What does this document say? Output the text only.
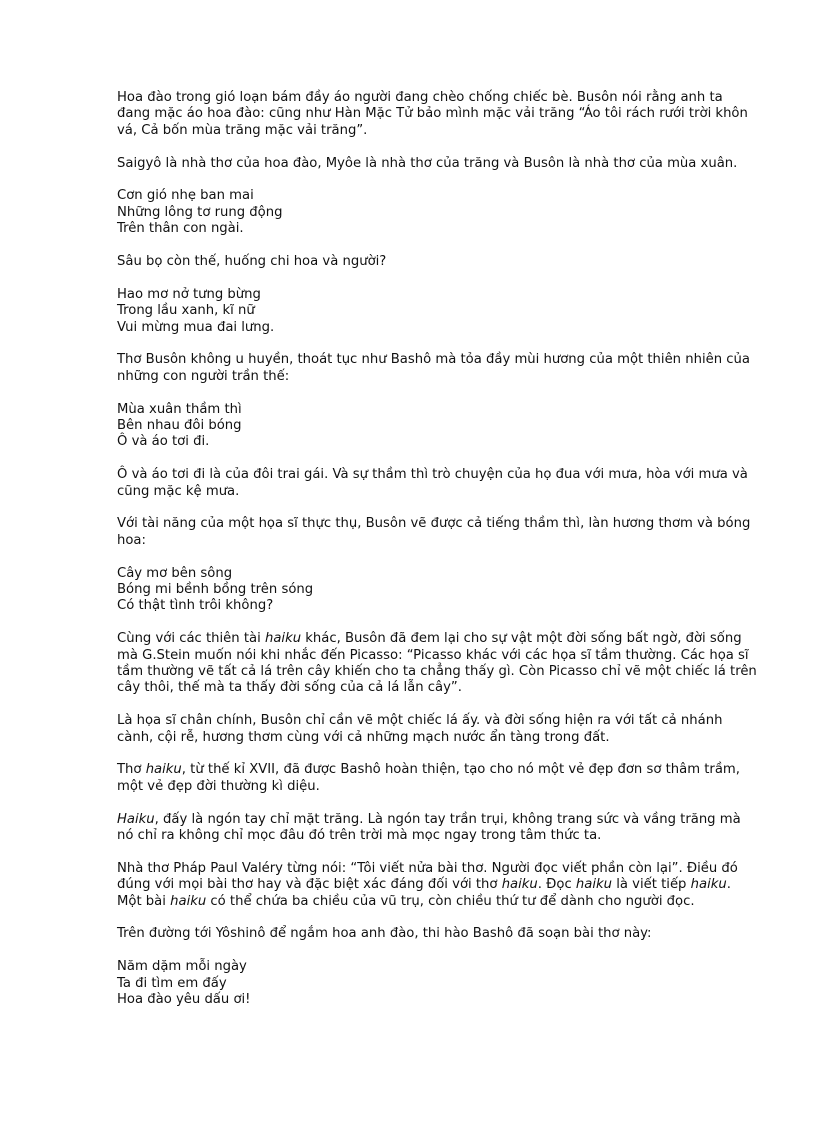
Hoa đào trong gió loạn bám đầy áo người đang chèo chống chiếc bè. Busôn nói rằng anh ta đang mặc áo hoa đào: cũng như Hàn Mặc Tử bảo mình mặc vải trăng “Áo tôi rách rưới trời khôn vá, Cả bốn mùa trăng mặc vải trăng”.

Saigyô là nhà thơ của hoa đào, Myôe là nhà thơ của trăng và Busôn là nhà thơ của mùa xuân.

Cơn gió nhẹ ban mai
Những lông tơ rung động
Trên thân con ngài.

Sâu bọ còn thế, huống chi hoa và người?

Hao mơ nở tưng bừng
Trong lầu xanh, kĩ nữ
Vui mừng mua đai lưng.

Thơ Busôn không u huyền, thoát tục như Bashô mà tỏa đầy mùi hương của một thiên nhiên của những con người trần thế:

Mùa xuân thầm thì
Bên nhau đôi bóng
Ô và áo tơi đi.

Ô và áo tơi đi là của đôi trai gái. Và sự thầm thì trò chuyện của họ đua với mưa, hòa với mưa và cũng mặc kệ mưa.

Với tài năng của một họa sĩ thực thụ, Busôn vẽ được cả tiếng thầm thì, làn hương thơm và bóng hoa:

Cây mơ bên sông
Bóng mi bềnh bồng trên sóng
Có thật tình trôi không?

Cùng với các thiên tài haiku khác, Busôn đã đem lại cho sự vật một đời sống bất ngờ, đời sống mà G.Stein muốn nói khi nhắc đến Picasso: “Picasso khác với các họa sĩ tầm thường. Các họa sĩ tầm thường vẽ tất cả lá trên cây khiến cho ta chẳng thấy gì. Còn Picasso chỉ vẽ một chiếc lá trên cây thôi, thế mà ta thấy đời sống của cả lá lẫn cây”.

Là họa sĩ chân chính, Busôn chỉ cần vẽ một chiếc lá ấy. và đời sống hiện ra với tất cả nhánh cành, cội rễ, hương thơm cùng với cả những mạch nước ẩn tàng trong đất.

Thơ haiku, từ thế kỉ XVII, đã được Bashô hoàn thiện, tạo cho nó một vẻ đẹp đơn sơ thâm trầm, một vẻ đẹp đời thường kì diệu.

Haiku, đấy là ngón tay chỉ mặt trăng. Là ngón tay trần trụi, không trang sức và vầng trăng mà nó chỉ ra không chỉ mọc đâu đó trên trời mà mọc ngay trong tâm thức ta.

Nhà thơ Pháp Paul Valéry từng nói: “Tôi viết nửa bài thơ. Người đọc viết phần còn lại”. Điều đó đúng với mọi bài thơ hay và đặc biệt xác đáng đối với thơ haiku. Đọc haiku là viết tiếp haiku. Một bài haiku có thể chứa ba chiều của vũ trụ, còn chiều thứ tư để dành cho người đọc.

Trên đường tới Yôshinô để ngắm hoa anh đào, thi hào Bashô đã soạn bài thơ này:

Năm dặm mỗi ngày
Ta đi tìm em đấy
Hoa đào yêu dấu ơi!
